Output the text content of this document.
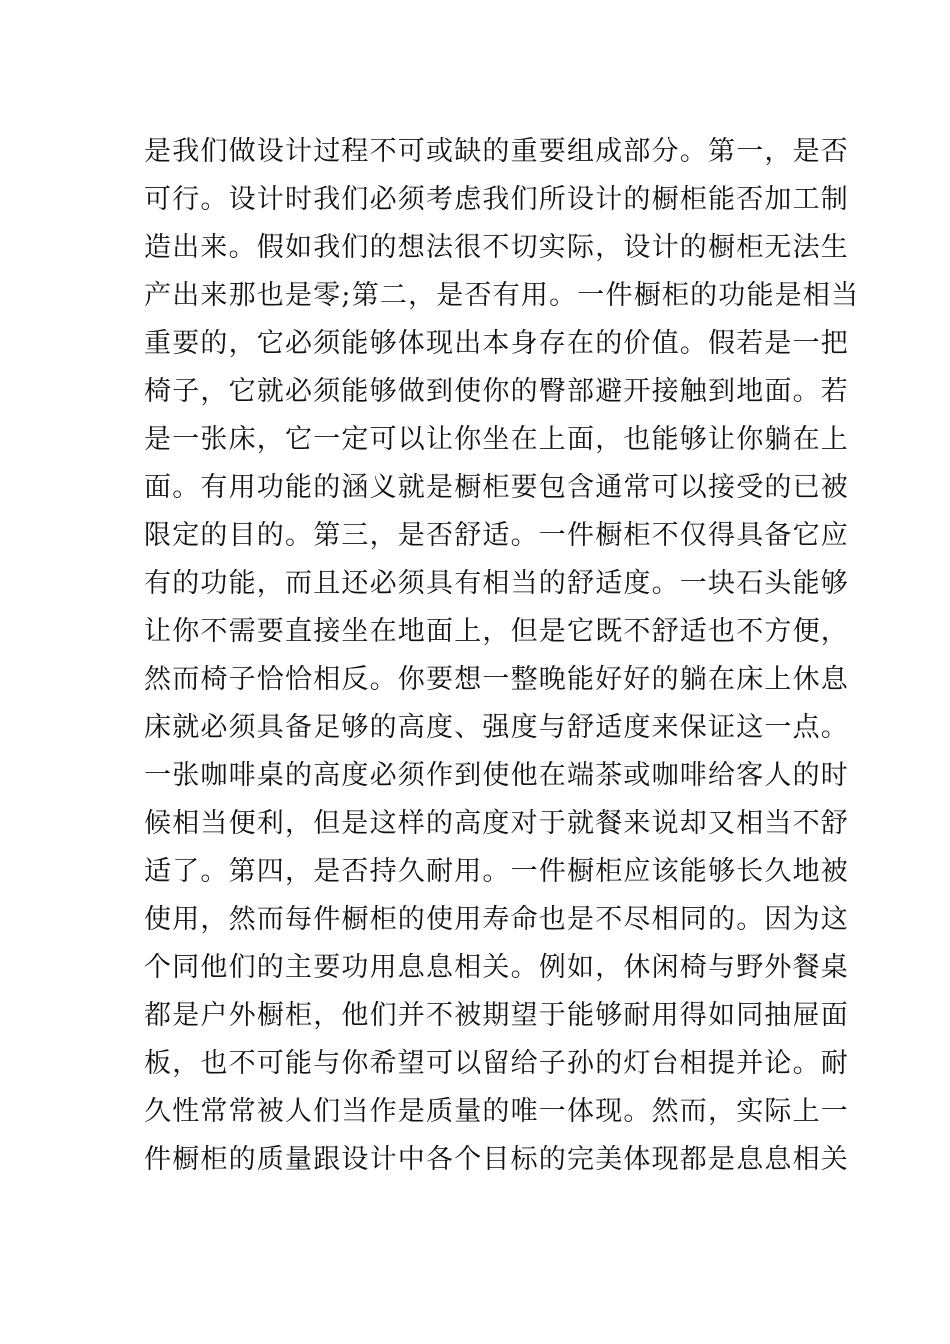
是我们做设计过程不可或缺的重要组成部分。第一，是否
可行。设计时我们必须考虑我们所设计的橱柜能否加工制
造出来。假如我们的想法很不切实际，设计的橱柜无法生
产出来那也是零;第二，是否有用。一件橱柜的功能是相当
重要的，它必须能够体现出本身存在的价值。假若是一把
椅子，它就必须能够做到使你的臀部避开接触到地面。若
是一张床，它一定可以让你坐在上面，也能够让你躺在上
面。有用功能的涵义就是橱柜要包含通常可以接受的已被
限定的目的。第三，是否舒适。一件橱柜不仅得具备它应
有的功能，而且还必须具有相当的舒适度。一块石头能够
让你不需要直接坐在地面上，但是它既不舒适也不方便，
然而椅子恰恰相反。你要想一整晚能好好的躺在床上休息
床就必须具备足够的高度、强度与舒适度来保证这一点。
一张咖啡桌的高度必须作到使他在端茶或咖啡给客人的时
候相当便利，但是这样的高度对于就餐来说却又相当不舒
适了。第四，是否持久耐用。一件橱柜应该能够长久地被
使用，然而每件橱柜的使用寿命也是不尽相同的。因为这
个同他们的主要功用息息相关。例如，休闲椅与野外餐桌
都是户外橱柜，他们并不被期望于能够耐用得如同抽屉面
板，也不可能与你希望可以留给子孙的灯台相提并论。耐
久性常常被人们当作是质量的唯一体现。然而，实际上一
件橱柜的质量跟设计中各个目标的完美体现都是息息相关
